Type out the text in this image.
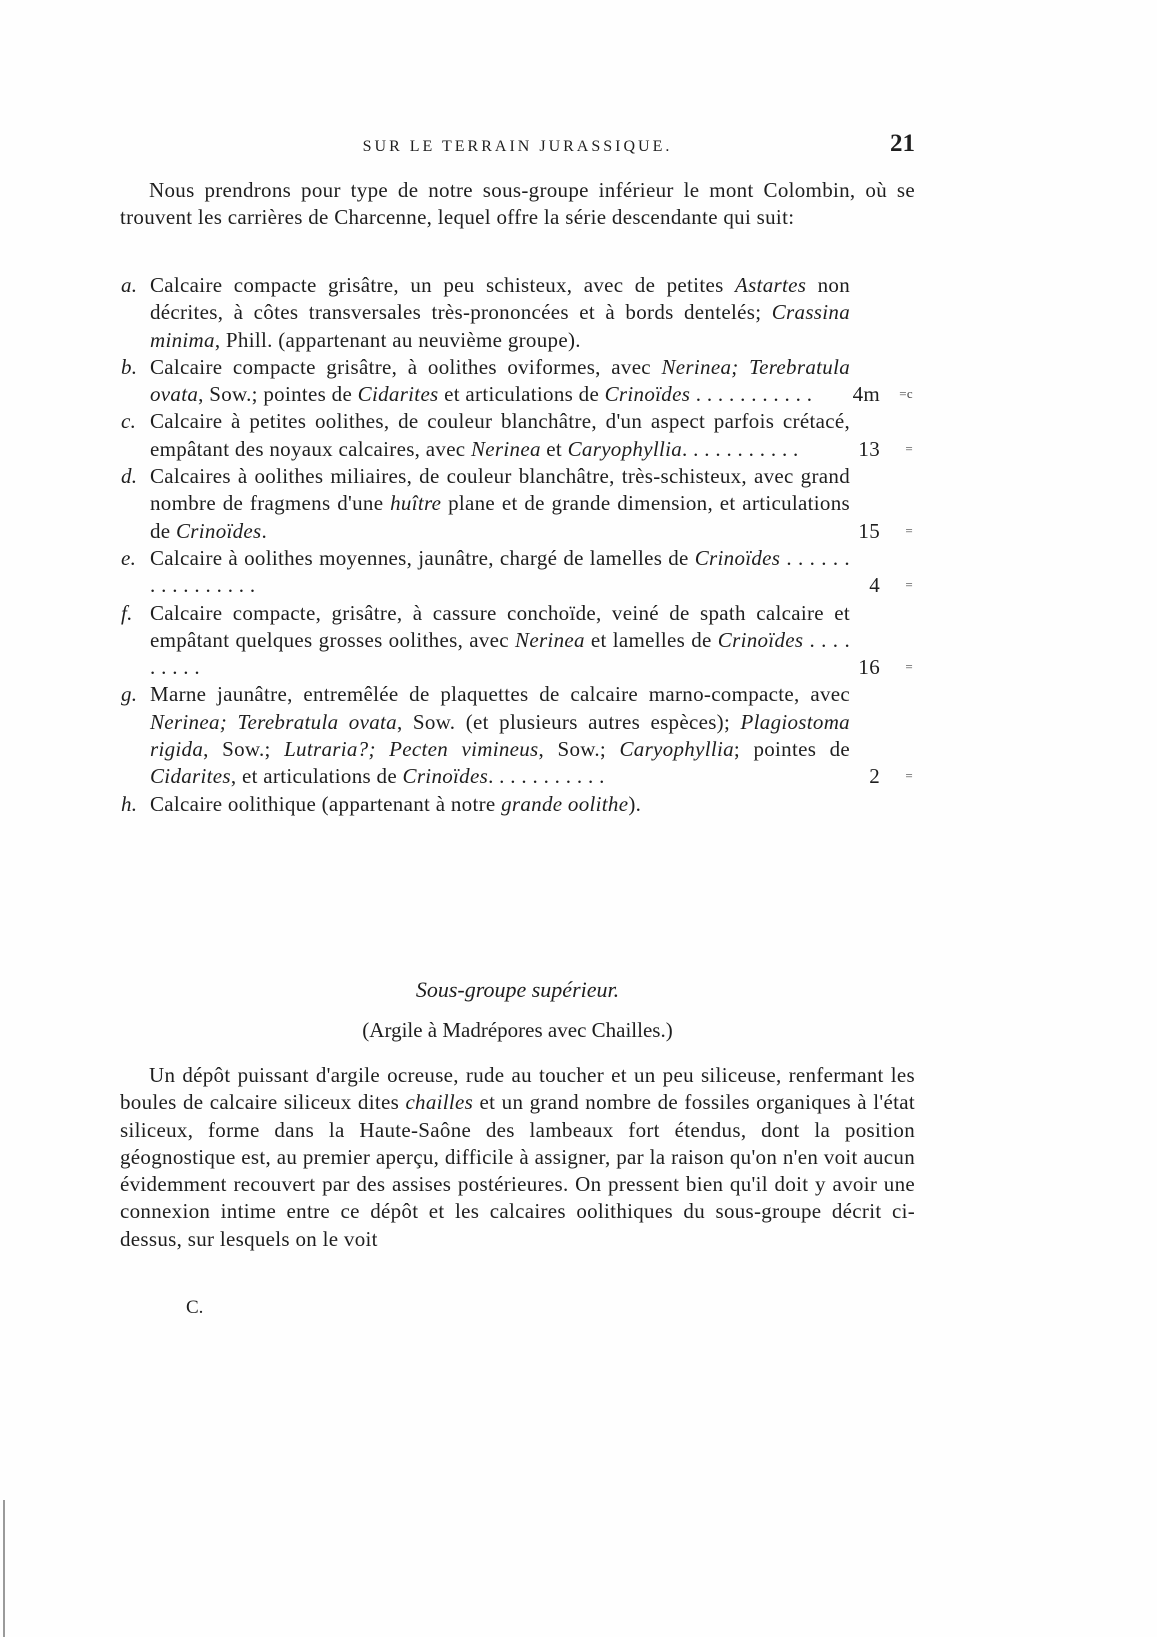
SUR LE TERRAIN JURASSIQUE.	21

Nous prendrons pour type de notre sous-groupe inférieur le mont Colombin, où se trouvent les carrières de Charcenne, lequel offre la série descendante qui suit:

a. Calcaire compacte grisâtre, un peu schisteux, avec de petites Astartes non décrites, à côtes transversales très-prononcées et à bords dentelés; Crassina minima, Phill. (appartenant au neuvième groupe).
b. Calcaire compacte grisâtre, à oolithes oviformes, avec Nerinea; Terebratula ovata, Sow.; pointes de Cidarites et articulations de Crinoïdes . . . . . . . . . . . 4m =c
c. Calcaire à petites oolithes, de couleur blanchâtre, d'un aspect parfois crétacé, empâtant des noyaux calcaires, avec Nerinea et Caryophyllia. . . . . . . . . . .	13 =
d. Calcaires à oolithes miliaires, de couleur blanchâtre, très-schisteux, avec grand nombre de fragmens d'une huître plane et de grande dimension, et articulations de Crinoïdes.	15 =
e. Calcaire à oolithes moyennes, jaunâtre, chargé de lamelles de Crinoïdes . . . . . . . . . . . . . . . .	4 =
f. Calcaire compacte, grisâtre, à cassure conchoïde, veiné de spath calcaire et empâtant quelques grosses oolithes, avec Nerinea et lamelles de Crinoïdes . . . . . . . . .	16 =
g. Marne jaunâtre, entremêlée de plaquettes de calcaire marno-compacte, avec Nerinea; Terebratula ovata, Sow. (et plusieurs autres espèces); Plagiostoma rigida, Sow.; Lutraria?; Pecten vimineus, Sow.; Caryophyllia; pointes de Cidarites, et articulations de Crinoïdes. . . . . . . . . . .	2 =
h. Calcaire oolithique (appartenant à notre grande oolithe).
Sous-groupe supérieur.
(Argile à Madrépores avec Chailles.)

Un dépôt puissant d'argile ocreuse, rude au toucher et un peu siliceuse, renfermant les boules de calcaire siliceux dites chailles et un grand nombre de fossiles organiques à l'état siliceux, forme dans la Haute-Saône des lambeaux fort étendus, dont la position géognostique est, au premier aperçu, difficile à assigner, par la raison qu'on n'en voit aucun évidemment recouvert par des assises postérieures. On pressent bien qu'il doit y avoir une connexion intime entre ce dépôt et les calcaires oolithiques du sous-groupe décrit ci-dessus, sur lesquels on le voit

C.
